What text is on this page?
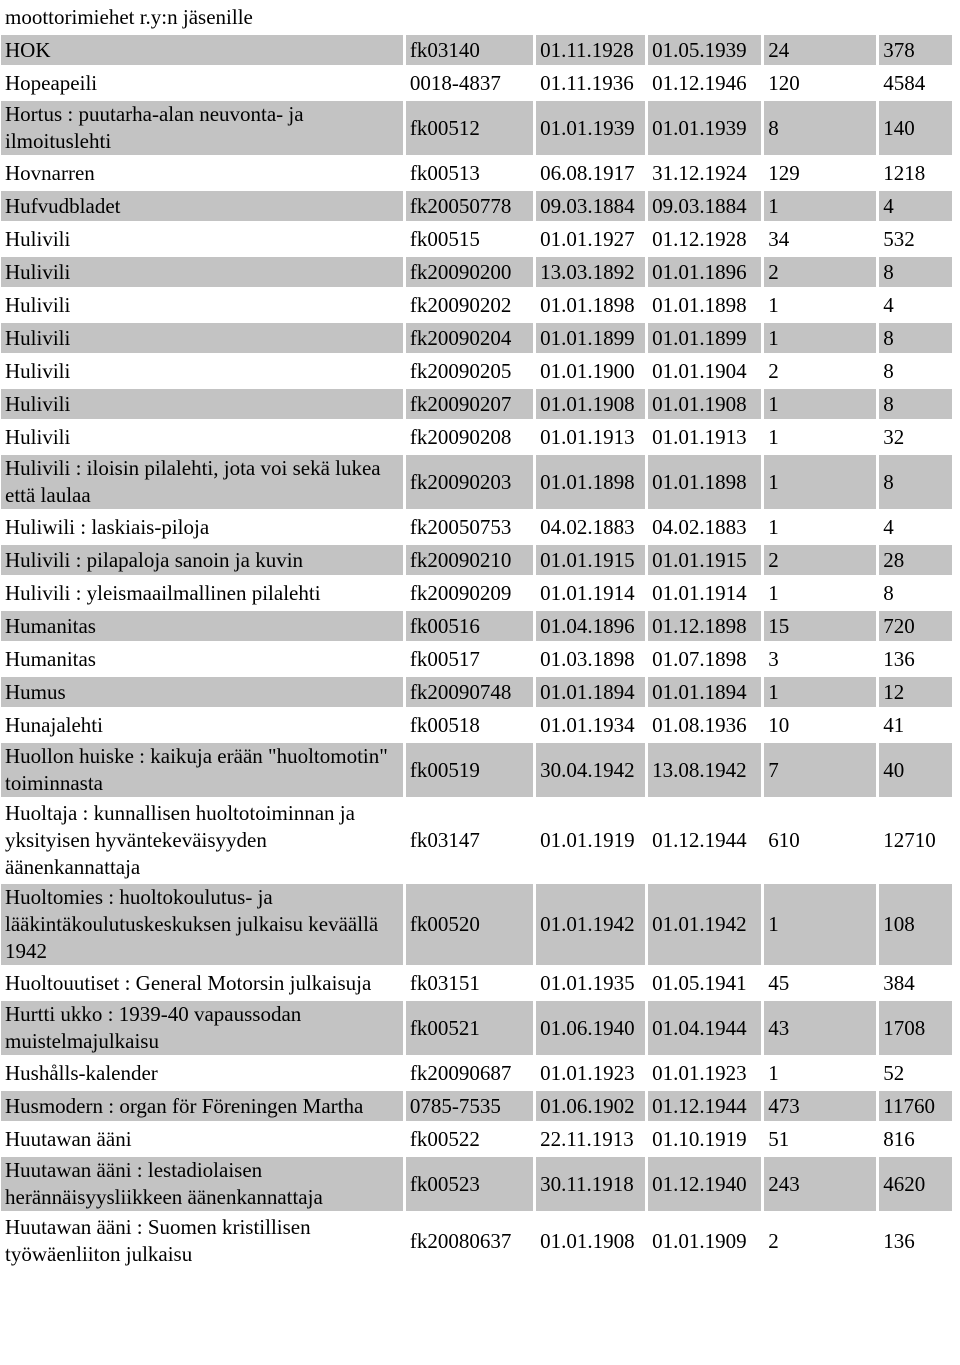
moottorimiehet r.y:n jäsenille					
HOK	fk03140	01.11.1928	01.05.1939	24	378
Hopeapeili	0018-4837	01.11.1936	01.12.1946	120	4584
Hortus : puutarha-alan neuvonta- ja ilmoituslehti	fk00512	01.01.1939	01.01.1939	8	140
Hovnarren	fk00513	06.08.1917	31.12.1924	129	1218
Hufvudbladet	fk20050778	09.03.1884	09.03.1884	1	4
Hulivili	fk00515	01.01.1927	01.12.1928	34	532
Hulivili	fk20090200	13.03.1892	01.01.1896	2	8
Hulivili	fk20090202	01.01.1898	01.01.1898	1	4
Hulivili	fk20090204	01.01.1899	01.01.1899	1	8
Hulivili	fk20090205	01.01.1900	01.01.1904	2	8
Hulivili	fk20090207	01.01.1908	01.01.1908	1	8
Hulivili	fk20090208	01.01.1913	01.01.1913	1	32
Hulivili : iloisin pilalehti, jota voi sekä lukea että laulaa	fk20090203	01.01.1898	01.01.1898	1	8
Huliwili : laskiais-piloja	fk20050753	04.02.1883	04.02.1883	1	4
Hulivili : pilapaloja sanoin ja kuvin	fk20090210	01.01.1915	01.01.1915	2	28
Hulivili : yleismaailmallinen pilalehti	fk20090209	01.01.1914	01.01.1914	1	8
Humanitas	fk00516	01.04.1896	01.12.1898	15	720
Humanitas	fk00517	01.03.1898	01.07.1898	3	136
Humus	fk20090748	01.01.1894	01.01.1894	1	12
Hunajalehti	fk00518	01.01.1934	01.08.1936	10	41
Huollon huiske : kaikuja erään "huoltomotin" toiminnasta	fk00519	30.04.1942	13.08.1942	7	40
Huoltaja : kunnallisen huoltotoiminnan ja yksityisen hyväntekeväisyyden äänenkannattaja	fk03147	01.01.1919	01.12.1944	610	12710
Huoltomies : huoltokoulutus- ja lääkintäkoulutuskeskuksen julkaisu keväällä 1942	fk00520	01.01.1942	01.01.1942	1	108
Huoltouutiset : General Motorsin julkaisuja	fk03151	01.01.1935	01.05.1941	45	384
Hurtti ukko : 1939-40 vapaussodan muistelmajulkaisu	fk00521	01.06.1940	01.04.1944	43	1708
Hushålls-kalender	fk20090687	01.01.1923	01.01.1923	1	52
Husmodern : organ för Föreningen Martha	0785-7535	01.06.1902	01.12.1944	473	11760
Huutawan ääni	fk00522	22.11.1913	01.10.1919	51	816
Huutawan ääni : lestadiolaisen herännäisyysliikkeen äänenkannattaja	fk00523	30.11.1918	01.12.1940	243	4620
Huutawan ääni : Suomen kristillisen työwäenliiton julkaisu	fk20080637	01.01.1908	01.01.1909	2	136
